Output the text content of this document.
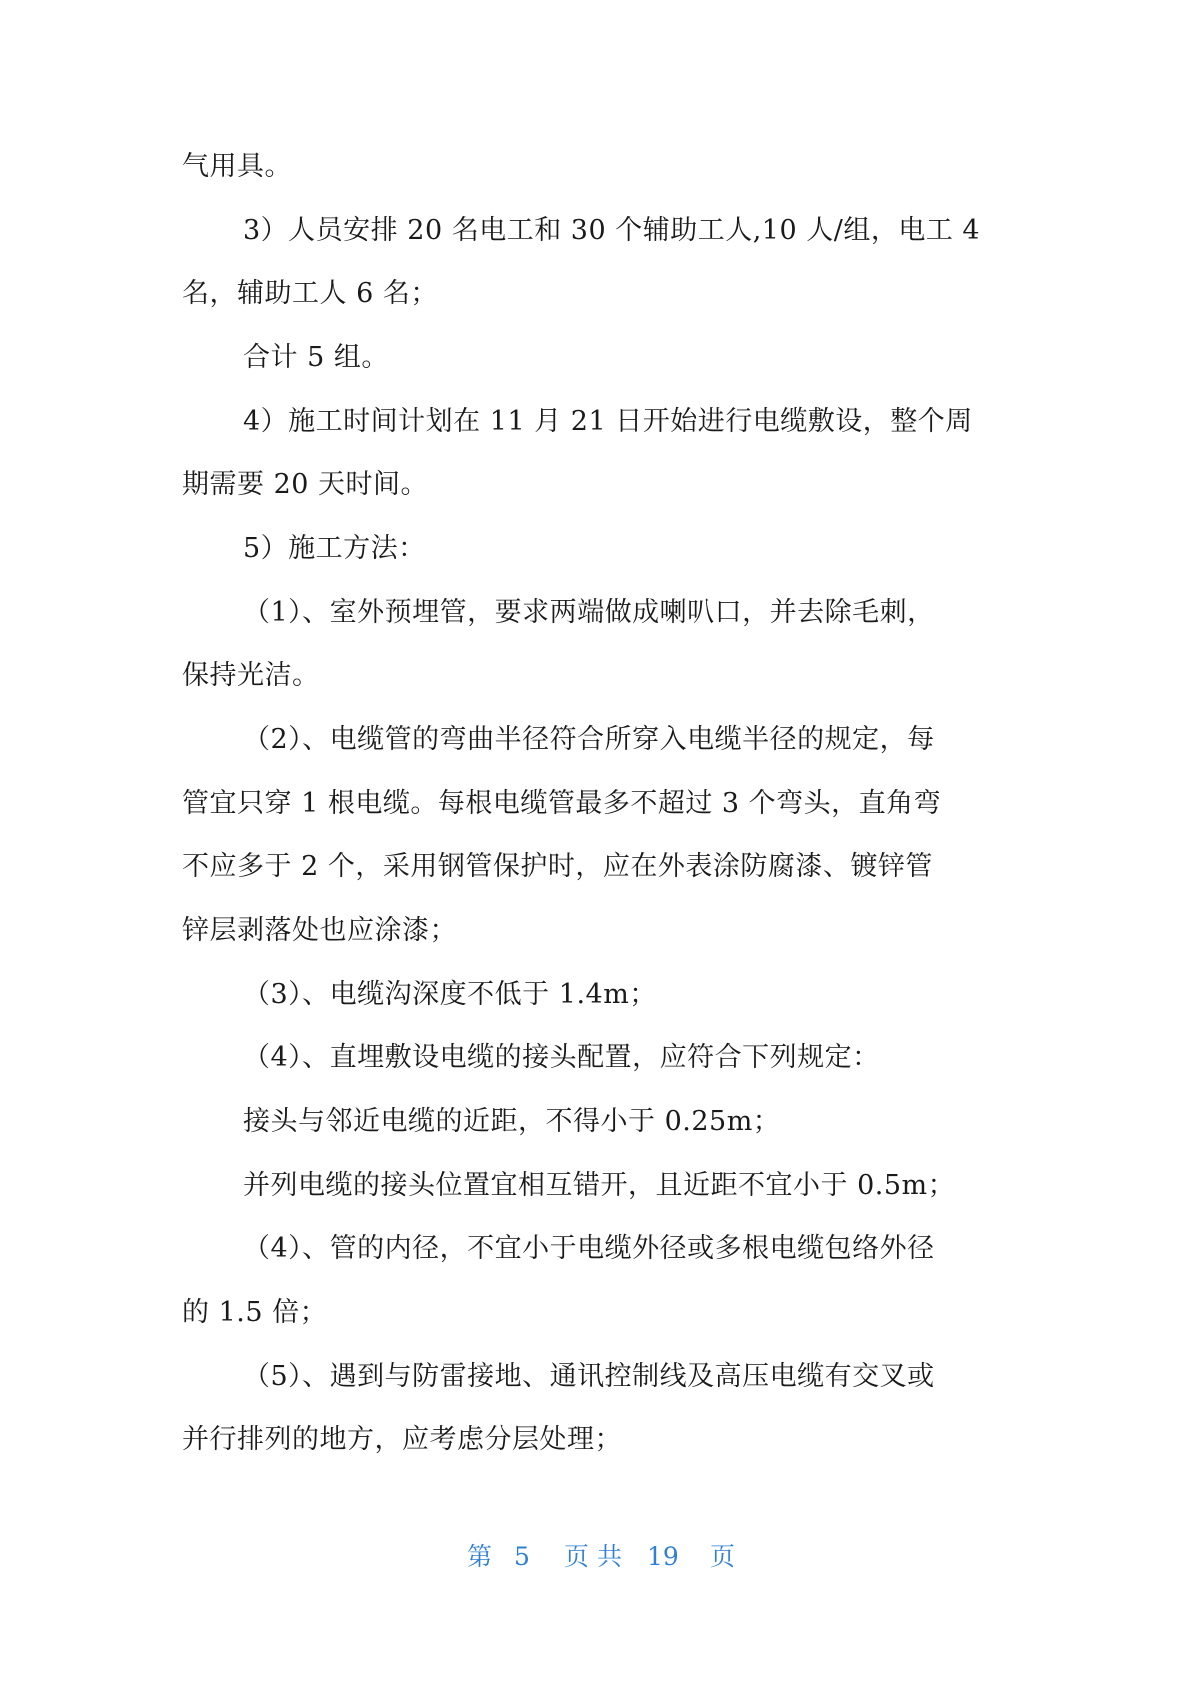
气用具。
3）人员安排 20 名电工和 30 个辅助工人,10 人/组，电工 4
名，辅助工人 6 名；
合计 5 组。
4）施工时间计划在 11 月 21 日开始进行电缆敷设，整个周
期需要 20 天时间。
5）施工方法：
（1）、室外预埋管，要求两端做成喇叭口，并去除毛刺，
保持光洁。
（2）、电缆管的弯曲半径符合所穿入电缆半径的规定，每
管宜只穿 1 根电缆。每根电缆管最多不超过 3 个弯头，直角弯
不应多于 2 个，采用钢管保护时，应在外表涂防腐漆、镀锌管
锌层剥落处也应涂漆；
（3）、电缆沟深度不低于 1.4m；
（4）、直埋敷设电缆的接头配置，应符合下列规定：
接头与邻近电缆的近距，不得小于 0.25m；
并列电缆的接头位置宜相互错开，且近距不宜小于 0.5m；
（4）、管的内径，不宜小于电缆外径或多根电缆包络外径
的 1.5 倍；
（5）、遇到与防雷接地、通讯控制线及高压电缆有交叉或
并行排列的地方，应考虑分层处理；
第 5 页 共 19 页
